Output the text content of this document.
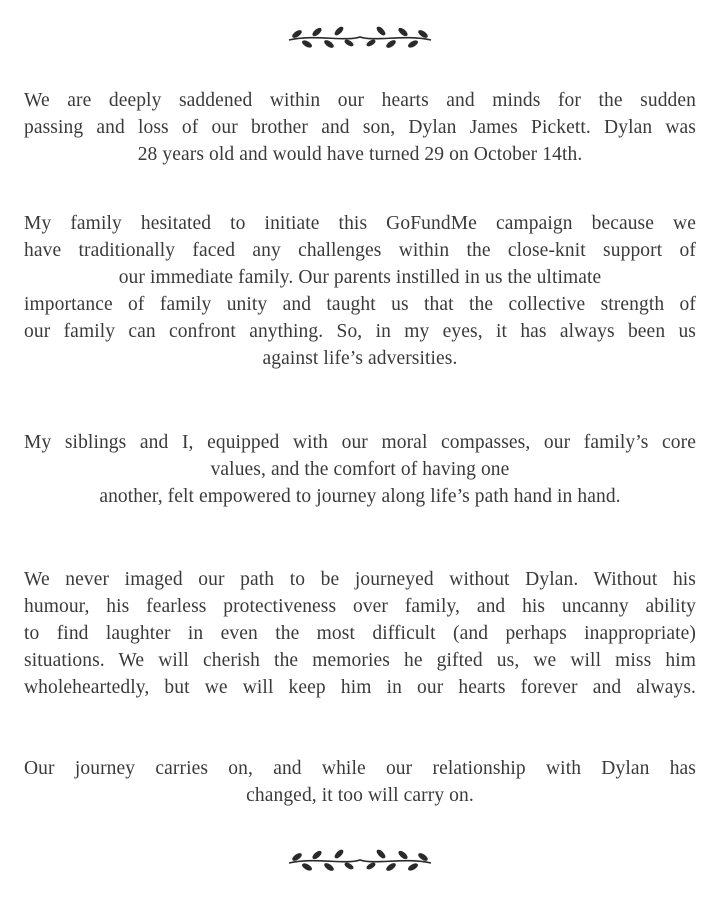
We are deeply saddened within our hearts and minds for the sudden
passing and loss of our brother and son, Dylan James Pickett. Dylan was
28 years old and would have turned 29 on October 14th.
My family hesitated to initiate this GoFundMe campaign because we
have traditionally faced any challenges within the close-knit support of
our immediate family. Our parents instilled in us the ultimate
importance of family unity and taught us that the collective strength of
our family can confront anything. So, in my eyes, it has always been us
against life’s adversities.
My siblings and I, equipped with our moral compasses, our family’s core
values, and the comfort of having one
another, felt empowered to journey along life’s path hand in hand.
We never imaged our path to be journeyed without Dylan. Without his
humour, his fearless protectiveness over family, and his uncanny ability
to find laughter in even the most difficult (and perhaps inappropriate)
situations. We will cherish the memories he gifted us, we will miss him
wholeheartedly, but we will keep him in our hearts forever and always.
Our journey carries on, and while our relationship with Dylan has
changed, it too will carry on.
